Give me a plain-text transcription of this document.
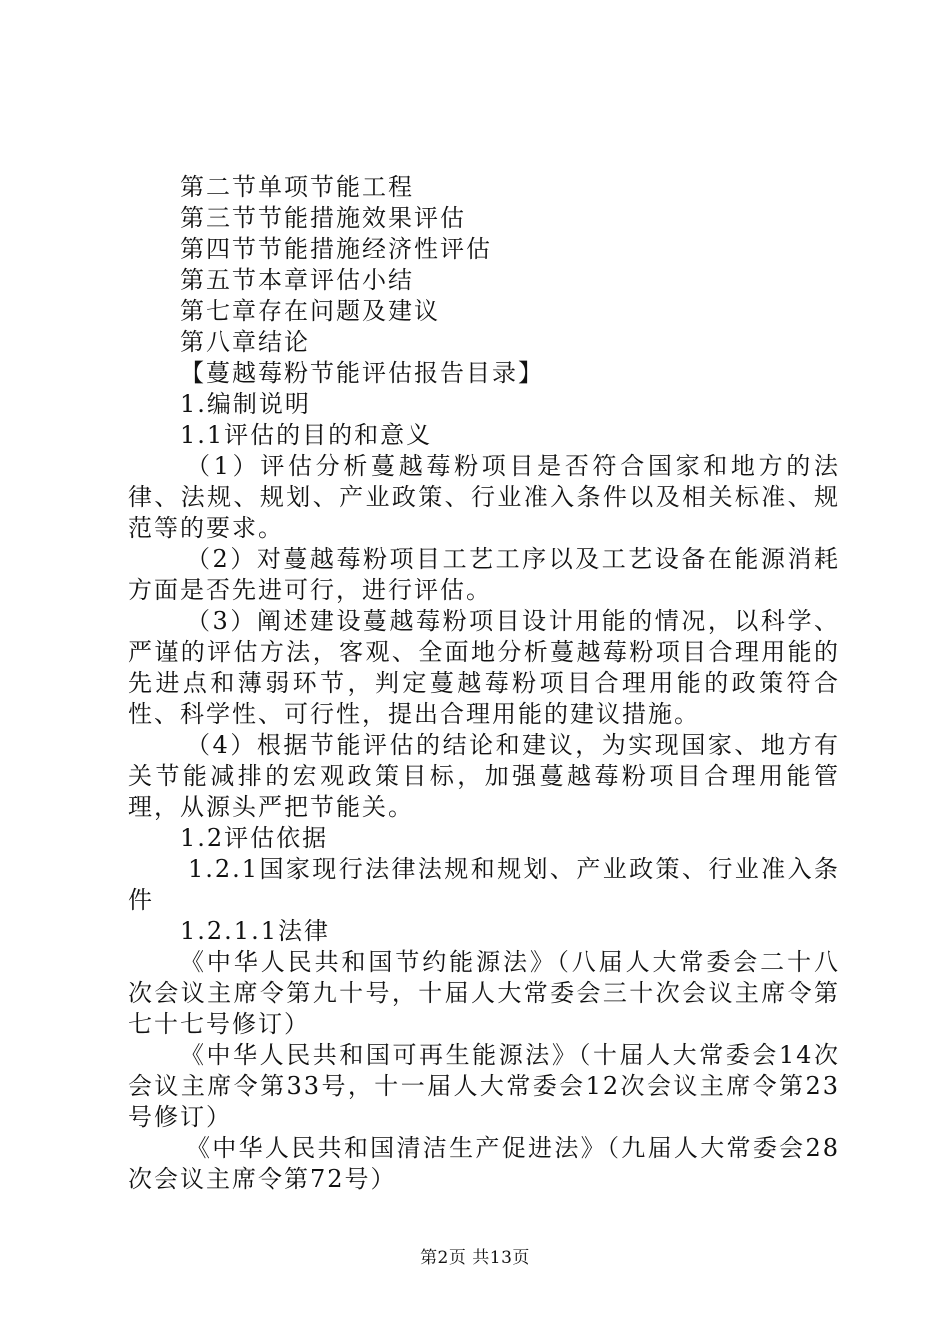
第二节单项节能工程

第三节节能措施效果评估

第四节节能措施经济性评估

第五节本章评估小结

第七章存在问题及建议

第八章结论

【蔓越莓粉节能评估报告目录】

1.编制说明

1.1评估的目的和意义

（1）评估分析蔓越莓粉项目是否符合国家和地方的法律、法规、规划、产业政策、行业准入条件以及相关标准、规范等的要求。

（2）对蔓越莓粉项目工艺工序以及工艺设备在能源消耗方面是否先进可行，进行评估。

（3）阐述建设蔓越莓粉项目设计用能的情况，以科学、严谨的评估方法，客观、全面地分析蔓越莓粉项目合理用能的先进点和薄弱环节，判定蔓越莓粉项目合理用能的政策符合性、科学性、可行性，提出合理用能的建议措施。

（4）根据节能评估的结论和建议，为实现国家、地方有关节能减排的宏观政策目标，加强蔓越莓粉项目合理用能管理，从源头严把节能关。

1.2评估依据

1.2.1国家现行法律法规和规划、产业政策、行业准入条件

1.2.1.1法律

《中华人民共和国节约能源法》（八届人大常委会二十八次会议主席令第九十号，十届人大常委会三十次会议主席令第七十七号修订）

《中华人民共和国可再生能源法》（十届人大常委会14次会议主席令第33号，十一届人大常委会12次会议主席令第23号修订）

《中华人民共和国清洁生产促进法》（九届人大常委会28次会议主席令第72号）

第2页 共13页
